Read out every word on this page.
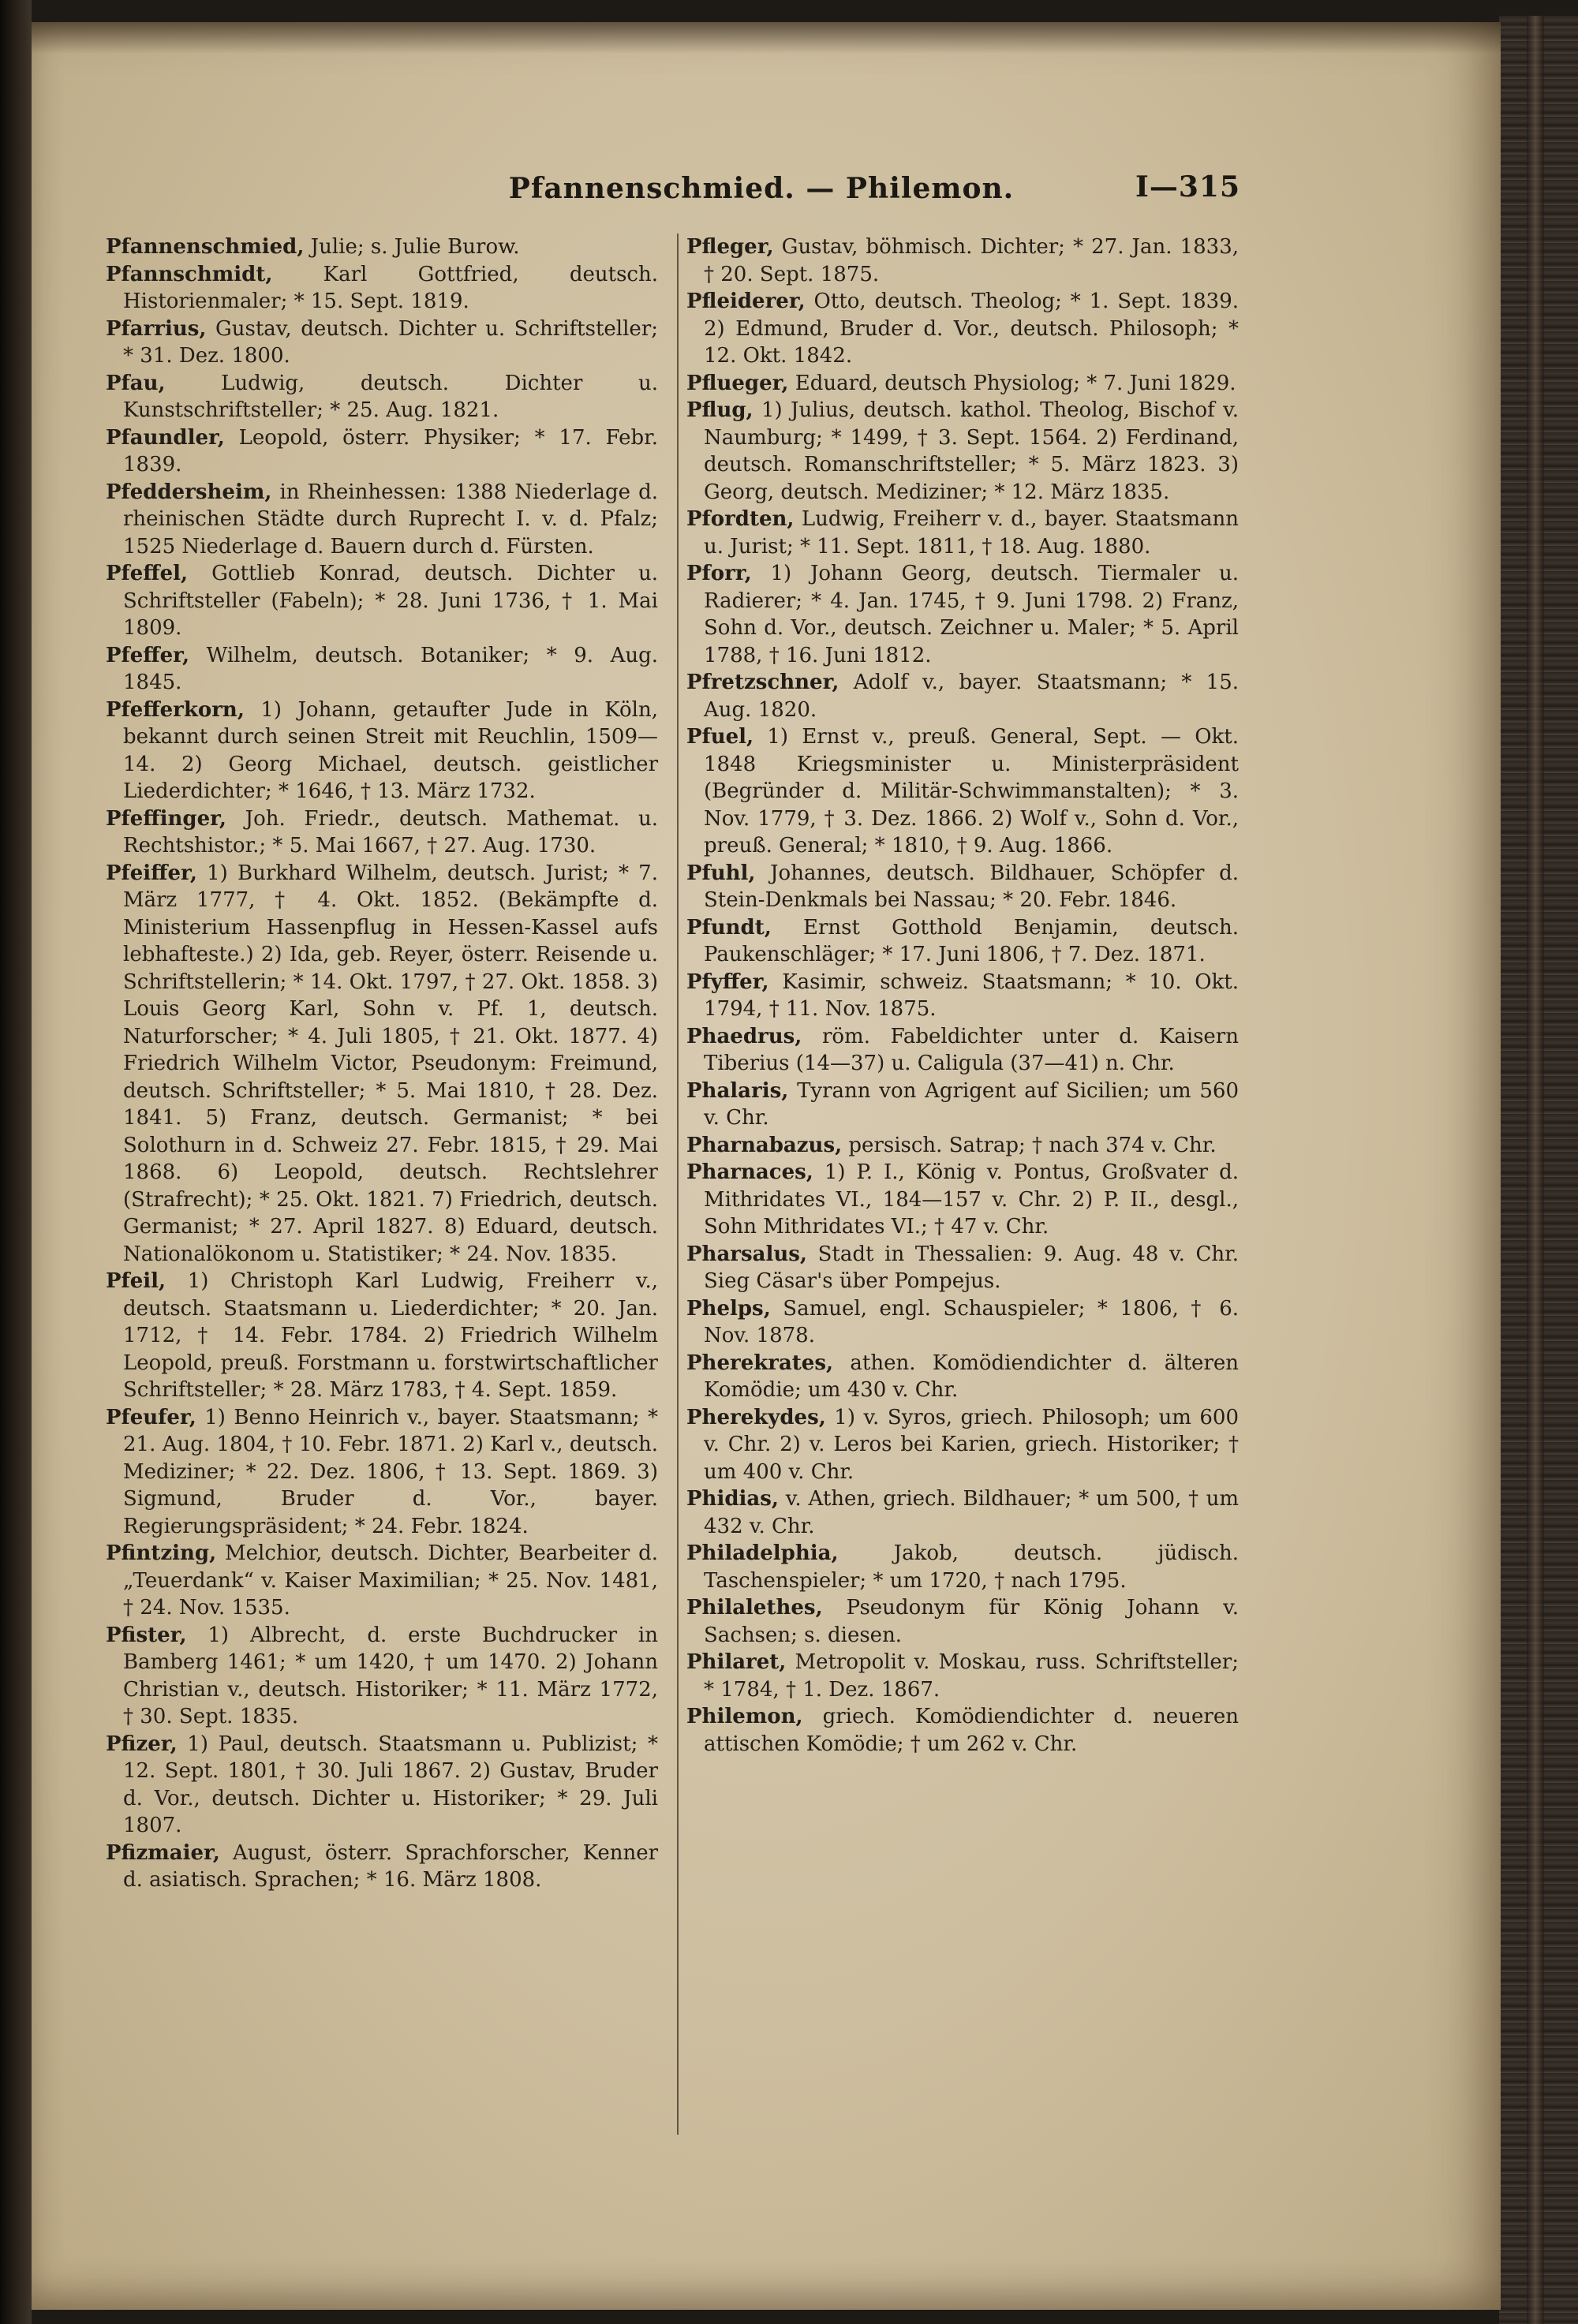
Pfannenschmied. — Philemon.	I—315
Pfannenschmied, Julie; s. Julie Burow.
Pfannschmidt, Karl Gottfried, deutsch. Historienmaler; * 15. Sept. 1819.
Pfarrius, Gustav, deutsch. Dichter u. Schriftsteller; * 31. Dez. 1800.
Pfau,	Ludwig, deutsch. Dichter u. Kunstschriftsteller; * 25. Aug. 1821.
Pfaundler, Leopold, österr. Physiker; * 17. Febr. 1839.
Pfeddersheim, in Rheinhessen: 1388 Niederlage d. rheinischen Städte durch Ruprecht I. v. d. Pfalz; 1525 Niederlage d. Bauern durch d. Fürsten.
Pfeffel, Gottlieb Konrad, deutsch. Dichter u. Schriftsteller (Fabeln); * 28. Juni 1736, † 1. Mai 1809.
Pfeffer, Wilhelm, deutsch. Botaniker; * 9. Aug. 1845.
Pfefferkorn, 1) Johann, getaufter Jude in Köln, bekannt durch seinen Streit mit Reuchlin, 1509—14. 2) Georg Michael, deutsch. geistlicher Liederdichter; * 1646, † 13. März 1732.
Pfeffinger, Joh. Friedr., deutsch. Mathemat. u. Rechtshistor.; * 5. Mai 1667, † 27. Aug. 1730.
Pfeiffer, 1) Burkhard Wilhelm, deutsch. Jurist; * 7. März 1777, † 4. Okt. 1852. (Bekämpfte d. Ministerium Hassenpflug in Hessen-Kassel aufs lebhafteste.) 2) Ida, geb. Reyer, österr. Reisende u. Schriftstellerin; * 14. Okt. 1797, † 27. Okt. 1858. 3) Louis Georg Karl, Sohn v. Pf. 1, deutsch. Naturforscher; * 4. Juli 1805, † 21. Okt. 1877. 4) Friedrich Wilhelm Victor, Pseudonym: Freimund, deutsch. Schriftsteller; * 5. Mai 1810, † 28. Dez. 1841. 5) Franz, deutsch. Germanist; * bei Solothurn in d. Schweiz 27. Febr. 1815, † 29. Mai 1868. 6) Leopold, deutsch. Rechtslehrer (Strafrecht); * 25. Okt. 1821. 7) Friedrich, deutsch. Germanist; * 27. April 1827. 8) Eduard, deutsch. Nationalökonom u. Statistiker; * 24. Nov. 1835.
Pfeil, 1) Christoph Karl Ludwig, Freiherr v., deutsch. Staatsmann u. Liederdichter; * 20. Jan. 1712, † 14. Febr. 1784. 2) Friedrich Wilhelm Leopold, preuß. Forstmann u. forstwirtschaftlicher Schriftsteller; * 28. März 1783, † 4. Sept. 1859.
Pfeufer, 1) Benno Heinrich v., bayer. Staatsmann; * 21. Aug. 1804, † 10. Febr. 1871. 2) Karl v., deutsch. Mediziner; * 22. Dez. 1806, † 13. Sept. 1869. 3) Sigmund, Bruder d. Vor., bayer. Regierungspräsident; * 24. Febr. 1824.
Pfintzing, Melchior, deutsch. Dichter, Bearbeiter d. „Teuerdank“ v. Kaiser Maximilian; * 25. Nov. 1481, † 24. Nov. 1535.
Pfister, 1) Albrecht, d. erste Buchdrucker in Bamberg 1461; * um 1420, † um 1470. 2) Johann Christian v., deutsch. Historiker; * 11. März 1772, † 30. Sept. 1835.
Pfizer, 1) Paul, deutsch. Staatsmann u. Publizist; * 12. Sept. 1801, † 30. Juli 1867. 2) Gustav, Bruder d. Vor., deutsch. Dichter u. Historiker; * 29. Juli 1807.
Pfizmaier, August, österr. Sprachforscher, Kenner d. asiatisch. Sprachen; * 16. März 1808.
Pfleger, Gustav, böhmisch. Dichter; * 27. Jan. 1833, † 20. Sept. 1875.
Pfleiderer, Otto, deutsch. Theolog; * 1. Sept. 1839. 2) Edmund, Bruder d. Vor., deutsch. Philosoph; * 12. Okt. 1842.
Pflueger, Eduard, deutsch Physiolog; * 7. Juni 1829.
Pflug, 1) Julius, deutsch. kathol. Theolog, Bischof v. Naumburg; * 1499, † 3. Sept. 1564. 2) Ferdinand, deutsch. Romanschriftsteller; * 5. März 1823. 3) Georg, deutsch. Mediziner; * 12. März 1835.
Pfordten, Ludwig, Freiherr v. d., bayer. Staatsmann u. Jurist; * 11. Sept. 1811, † 18. Aug. 1880.
Pforr, 1) Johann Georg, deutsch. Tiermaler u. Radierer; * 4. Jan. 1745, † 9. Juni 1798. 2) Franz, Sohn d. Vor., deutsch. Zeichner u. Maler; * 5. April 1788, † 16. Juni 1812.
Pfretzschner, Adolf v., bayer. Staatsmann; * 15. Aug. 1820.
Pfuel, 1) Ernst v., preuß. General, Sept. — Okt. 1848 Kriegsminister u. Ministerpräsident (Begründer d. Militär-Schwimmanstalten); * 3. Nov. 1779, † 3. Dez. 1866. 2) Wolf v., Sohn d. Vor., preuß. General; * 1810, † 9. Aug. 1866.
Pfuhl, Johannes, deutsch. Bildhauer, Schöpfer d. Stein-Denkmals bei Nassau; * 20. Febr. 1846.
Pfundt, Ernst Gotthold Benjamin, deutsch. Paukenschläger; * 17. Juni 1806, † 7. Dez. 1871.
Pfyffer, Kasimir, schweiz. Staatsmann; * 10. Okt. 1794, † 11. Nov. 1875.
Phaedrus, röm. Fabeldichter unter d. Kaisern Tiberius (14—37) u. Caligula (37—41) n. Chr.
Phalaris, Tyrann von Agrigent auf Sicilien; um 560 v. Chr.
Pharnabazus, persisch. Satrap; † nach 374 v. Chr.
Pharnaces, 1) P. I., König v. Pontus, Großvater d. Mithridates VI., 184—157 v. Chr. 2) P. II., desgl., Sohn Mithridates VI.; † 47 v. Chr.
Pharsalus, Stadt in Thessalien: 9. Aug. 48 v. Chr. Sieg Cäsar's über Pompejus.
Phelps, Samuel, engl. Schauspieler; * 1806, † 6. Nov. 1878.
Pherekrates, athen. Komödiendichter d. älteren Komödie; um 430 v. Chr.
Pherekydes, 1) v. Syros, griech. Philosoph; um 600 v. Chr. 2) v. Leros bei Karien, griech. Historiker; † um 400 v. Chr.
Phidias, v. Athen, griech. Bildhauer; * um 500, † um 432 v. Chr.
Philadelphia,	Jakob, deutsch. jüdisch. Taschenspieler; * um 1720, † nach 1795.
Philalethes, Pseudonym für König Johann v. Sachsen; s. diesen.
Philaret, Metropolit v. Moskau, russ. Schriftsteller; * 1784, † 1. Dez. 1867.
Philemon, griech. Komödiendichter d. neueren attischen Komödie; † um 262 v. Chr.
